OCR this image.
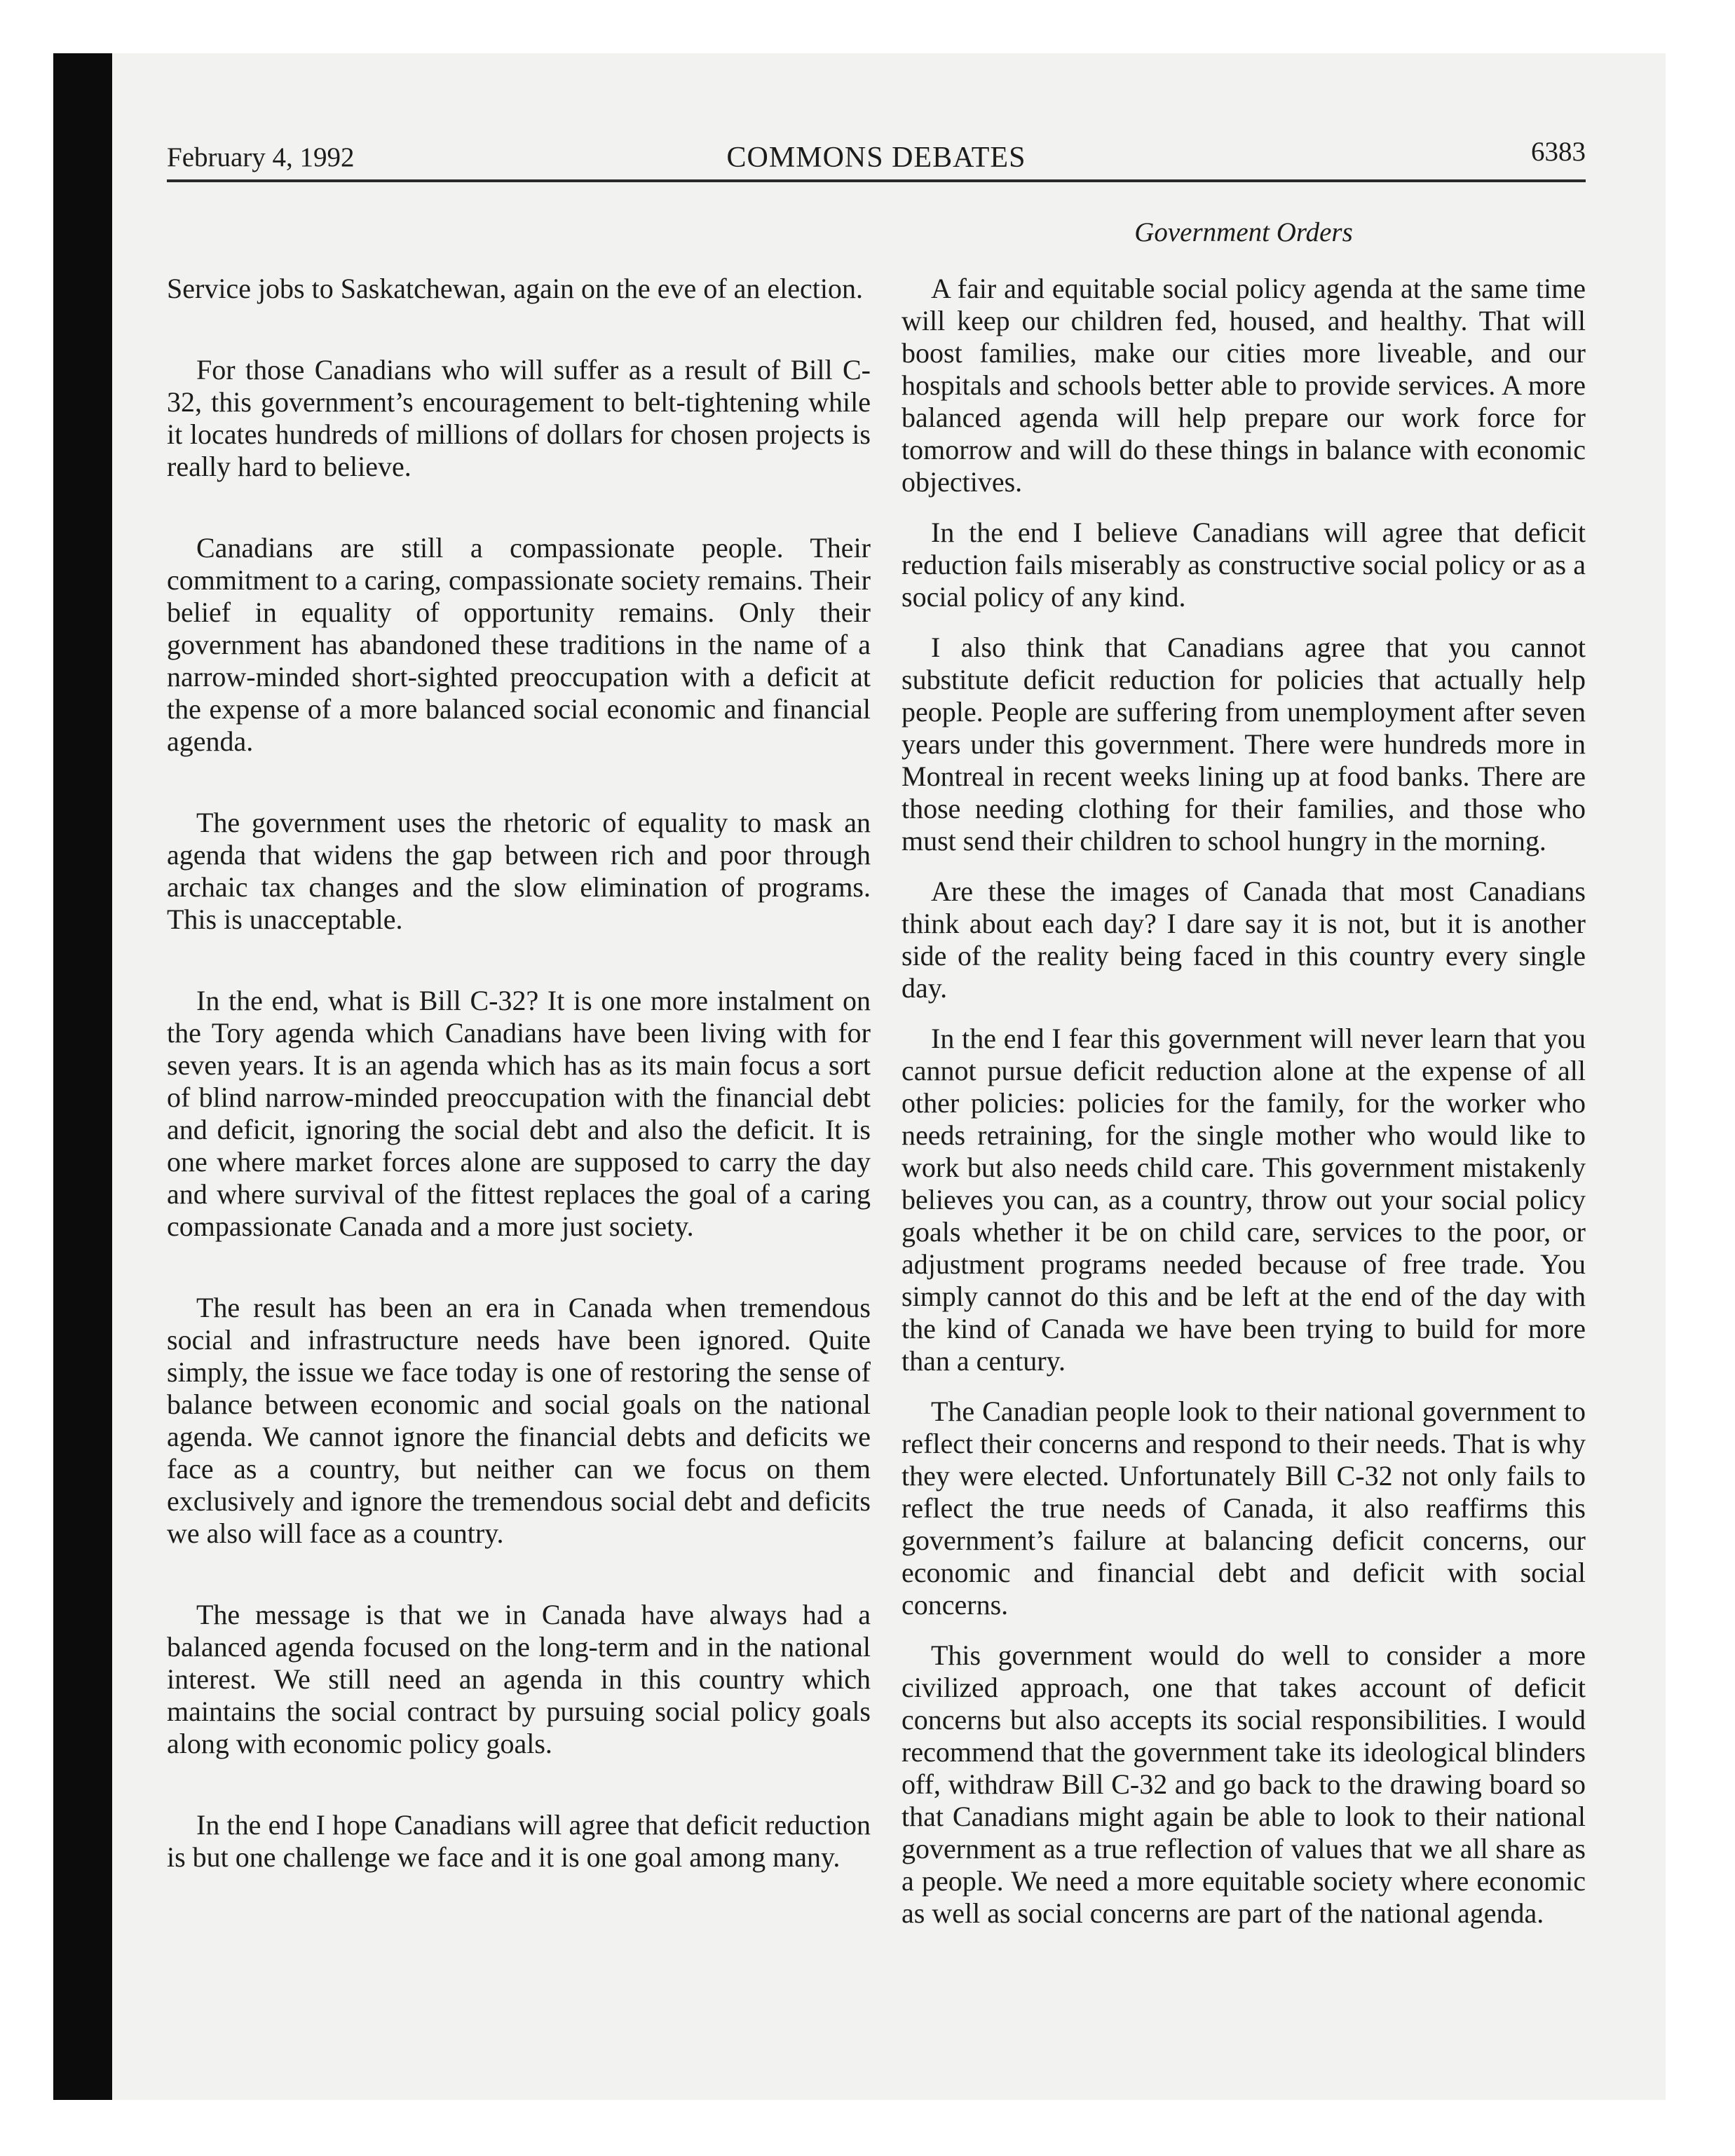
February 4, 1992	COMMONS DEBATES	6383
Government Orders

Service jobs to Saskatchewan, again on the eve of an election.

For those Canadians who will suffer as a result of Bill C-32, this government’s encouragement to belt-tightening while it locates hundreds of millions of dollars for chosen projects is really hard to believe.

Canadians are still a compassionate people. Their commitment to a caring, compassionate society remains. Their belief in equality of opportunity remains. Only their government has abandoned these traditions in the name of a narrow-minded short-sighted preoccupation with a deficit at the expense of a more balanced social economic and financial agenda.

The government uses the rhetoric of equality to mask an agenda that widens the gap between rich and poor through archaic tax changes and the slow elimination of programs. This is unacceptable.

In the end, what is Bill C-32? It is one more instalment on the Tory agenda which Canadians have been living with for seven years. It is an agenda which has as its main focus a sort of blind narrow-minded preoccupation with the financial debt and deficit, ignoring the social debt and also the deficit. It is one where market forces alone are supposed to carry the day and where survival of the fittest replaces the goal of a caring compassionate Canada and a more just society.

The result has been an era in Canada when tremendous social and infrastructure needs have been ignored. Quite simply, the issue we face today is one of restoring the sense of balance between economic and social goals on the national agenda. We cannot ignore the financial debts and deficits we face as a country, but neither can we focus on them exclusively and ignore the tremendous social debt and deficits we also will face as a country.

The message is that we in Canada have always had a balanced agenda focused on the long-term and in the national interest. We still need an agenda in this country which maintains the social contract by pursuing social policy goals along with economic policy goals.

In the end I hope Canadians will agree that deficit reduction is but one challenge we face and it is one goal among many.

A fair and equitable social policy agenda at the same time will keep our children fed, housed, and healthy. That will boost families, make our cities more liveable, and our hospitals and schools better able to provide services. A more balanced agenda will help prepare our work force for tomorrow and will do these things in balance with economic objectives.

In the end I believe Canadians will agree that deficit reduction fails miserably as constructive social policy or as a social policy of any kind.

I also think that Canadians agree that you cannot substitute deficit reduction for policies that actually help people. People are suffering from unemployment after seven years under this government. There were hundreds more in Montreal in recent weeks lining up at food banks. There are those needing clothing for their families, and those who must send their children to school hungry in the morning.

Are these the images of Canada that most Canadians think about each day? I dare say it is not, but it is another side of the reality being faced in this country every single day.

In the end I fear this government will never learn that you cannot pursue deficit reduction alone at the expense of all other policies: policies for the family, for the worker who needs retraining, for the single mother who would like to work but also needs child care. This government mistakenly believes you can, as a country, throw out your social policy goals whether it be on child care, services to the poor, or adjustment programs needed because of free trade. You simply cannot do this and be left at the end of the day with the kind of Canada we have been trying to build for more than a century.

The Canadian people look to their national government to reflect their concerns and respond to their needs. That is why they were elected. Unfortunately Bill C-32 not only fails to reflect the true needs of Canada, it also reaffirms this government’s failure at balancing deficit concerns, our economic and financial debt and deficit with social concerns.

This government would do well to consider a more civilized approach, one that takes account of deficit concerns but also accepts its social responsibilities. I would recommend that the government take its ideological blinders off, withdraw Bill C-32 and go back to the drawing board so that Canadians might again be able to look to their national government as a true reflection of values that we all share as a people. We need a more equitable society where economic as well as social concerns are part of the national agenda.
